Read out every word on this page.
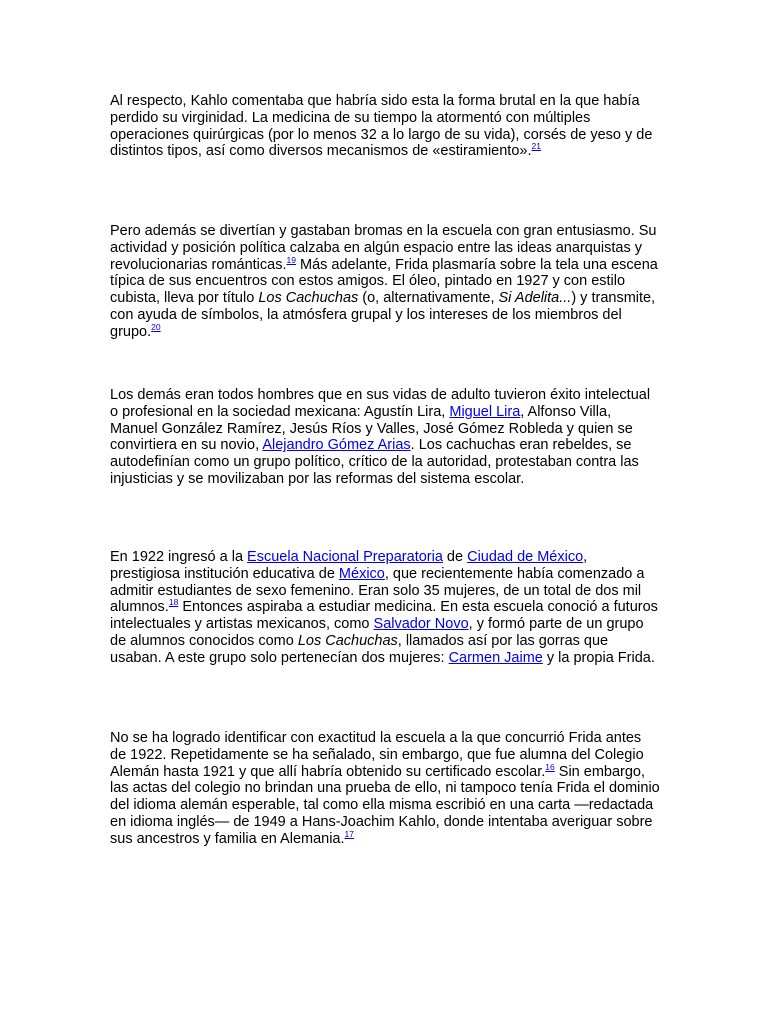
Al respecto, Kahlo comentaba que habría sido esta la forma brutal en la que había perdido su virginidad. La medicina de su tiempo la atormentó con múltiples operaciones quirúrgicas (por lo menos 32 a lo largo de su vida), corsés de yeso y de distintos tipos, así como diversos mecanismos de «estiramiento».$^{21}$

Pero además se divertían y gastaban bromas en la escuela con gran entusiasmo. Su actividad y posición política calzaba en algún espacio entre las ideas anarquistas y revolucionarias románticas.$^{19}$ Más adelante, Frida plasmaría sobre la tela una escena típica de sus encuentros con estos amigos. El óleo, pintado en 1927 y con estilo cubista, lleva por título Los Cachuchas (o, alternativamente, Si Adelita...) y transmite, con ayuda de símbolos, la atmósfera grupal y los intereses de los miembros del grupo.$^{20}$

Los demás eran todos hombres que en sus vidas de adulto tuvieron éxito intelectual o profesional en la sociedad mexicana: Agustín Lira, Miguel Lira, Alfonso Villa, Manuel González Ramírez, Jesús Ríos y Valles, José Gómez Robleda y quien se convirtiera en su novio, Alejandro Gómez Arias. Los cachuchas eran rebeldes, se autodefinían como un grupo político, crítico de la autoridad, protestaban contra las injusticias y se movilizaban por las reformas del sistema escolar.

En 1922 ingresó a la Escuela Nacional Preparatoria de Ciudad de México, prestigiosa institución educativa de México, que recientemente había comenzado a admitir estudiantes de sexo femenino. Eran solo 35 mujeres, de un total de dos mil alumnos.$^{18}$ Entonces aspiraba a estudiar medicina. En esta escuela conoció a futuros intelectuales y artistas mexicanos, como Salvador Novo, y formó parte de un grupo de alumnos conocidos como Los Cachuchas, llamados así por las gorras que usaban. A este grupo solo pertenecían dos mujeres: Carmen Jaime y la propia Frida.

No se ha logrado identificar con exactitud la escuela a la que concurrió Frida antes de 1922. Repetidamente se ha señalado, sin embargo, que fue alumna del Colegio Alemán hasta 1921 y que allí habría obtenido su certificado escolar.$^{16}$ Sin embargo, las actas del colegio no brindan una prueba de ello, ni tampoco tenía Frida el dominio del idioma alemán esperable, tal como ella misma escribió en una carta —redactada en idioma inglés— de 1949 a Hans-Joachim Kahlo, donde intentaba averiguar sobre sus ancestros y familia en Alemania.$^{17}$
